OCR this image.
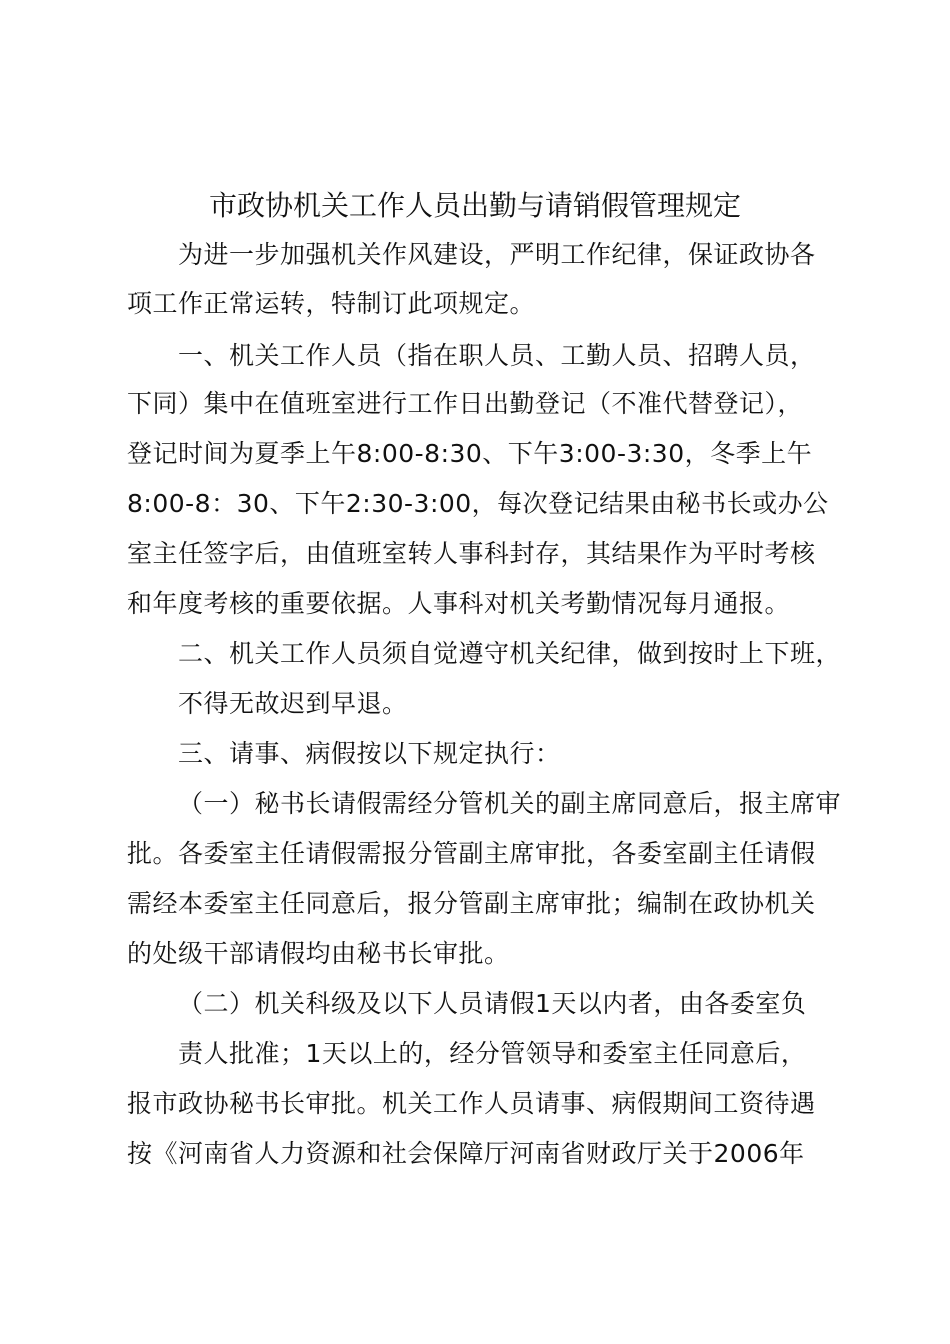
市政协机关工作人员出勤与请销假管理规定
为进一步加强机关作风建设，严明工作纪律，保证政协各
项工作正常运转，特制订此项规定。
一、机关工作人员（指在职人员、工勤人员、招聘人员，
下同）集中在值班室进行工作日出勤登记（不准代替登记），
登记时间为夏季上午8:00-8:30、下午3:00-3:30，冬季上午
8:00-8：30、下午2:30-3:00，每次登记结果由秘书长或办公
室主任签字后，由值班室转人事科封存，其结果作为平时考核
和年度考核的重要依据。人事科对机关考勤情况每月通报。
二、机关工作人员须自觉遵守机关纪律，做到按时上下班，
不得无故迟到早退。
三、请事、病假按以下规定执行：
（一）秘书长请假需经分管机关的副主席同意后，报主席审
批。各委室主任请假需报分管副主席审批，各委室副主任请假
需经本委室主任同意后，报分管副主席审批；编制在政协机关
的处级干部请假均由秘书长审批。
（二）机关科级及以下人员请假1天以内者，由各委室负
责人批准；1天以上的，经分管领导和委室主任同意后，
报市政协秘书长审批。机关工作人员请事、病假期间工资待遇
按《河南省人力资源和社会保障厅河南省财政厅关于2006年
